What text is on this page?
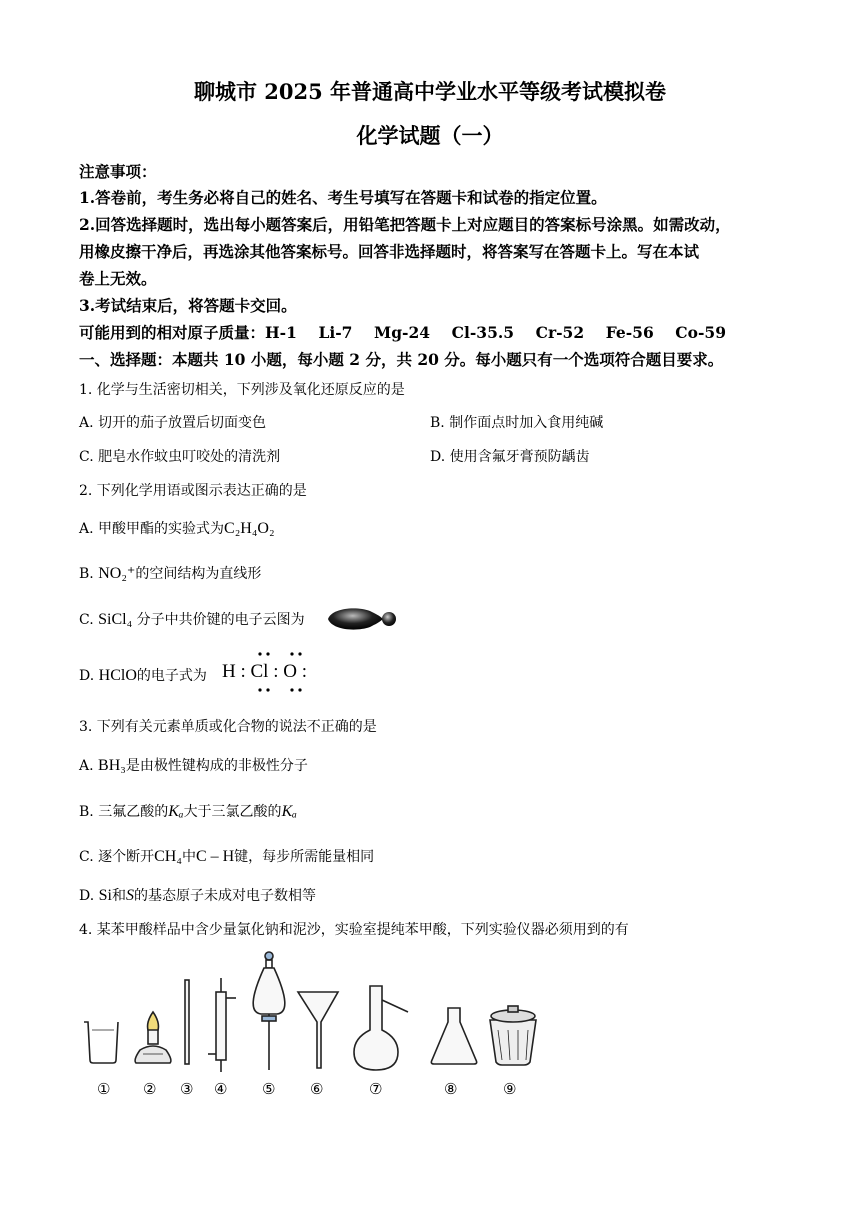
聊城市 2025 年普通高中学业水平等级考试模拟卷
化学试题（一）
注意事项：
1.答卷前，考生务必将自己的姓名、考生号填写在答题卡和试卷的指定位置。
2.回答选择题时，选出每小题答案后，用铅笔把答题卡上对应题目的答案标号涂黑。如需改动，
用橡皮擦干净后，再选涂其他答案标号。回答非选择题时，将答案写在答题卡上。写在本试
卷上无效。
3.考试结束后，将答题卡交回。
可能用到的相对原子质量：H-1    Li-7    Mg-24    Cl-35.5    Cr-52    Fe-56    Co-59
一、选择题：本题共 10 小题，每小题 2 分，共 20 分。每小题只有一个选项符合题目要求。
1. 化学与生活密切相关，下列涉及氧化还原反应的是
A. 切开的茄子放置后切面变色	B. 制作面点时加入食用纯碱
C. 肥皂水作蚊虫叮咬处的清洗剂	D. 使用含氟牙膏预防龋齿
2. 下列化学用语或图示表达正确的是
A. 甲酸甲酯的实验式为C₂H₄O₂
B. NO₂⁺的空间结构为直线形
C. SiCl₄ 分子中共价键的电子云图为
D. HClO的电子式为 H : Cl : O :
3. 下列有关元素单质或化合物的说法不正确的是
A. BH₃是由极性键构成的非极性分子
B. 三氟乙酸的Kₐ大于三氯乙酸的Kₐ
C. 逐个断开CH₄中C – H键，每步所需能量相同
D. Si和S的基态原子未成对电子数相等
4. 某苯甲酸样品中含少量氯化钠和泥沙，实验室提纯苯甲酸，下列实验仪器必须用到的有
① ② ③ ④ ⑤ ⑥	⑦	⑧	⑨
